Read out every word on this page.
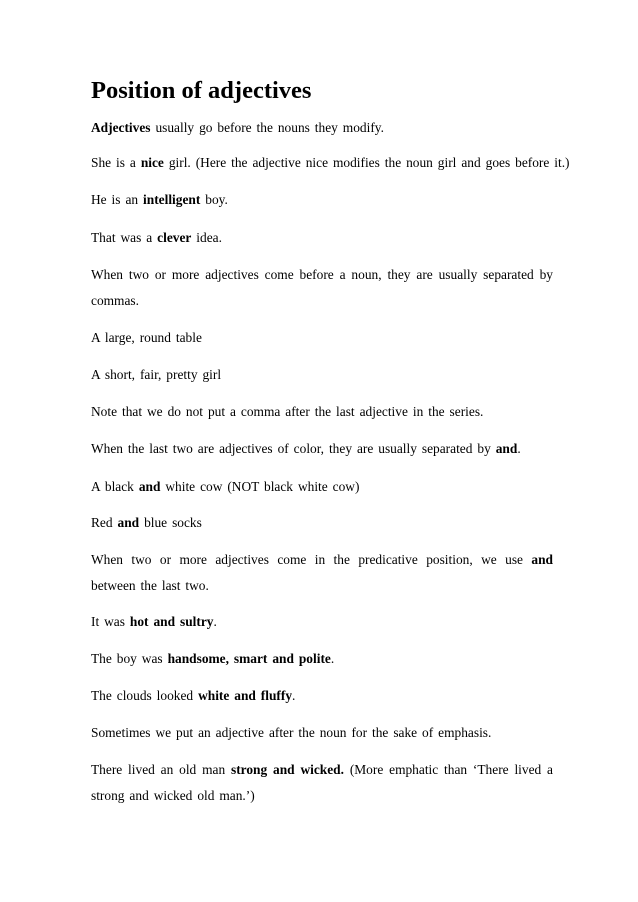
Position of adjectives

Adjectives usually go before the nouns they modify.

She is a nice girl. (Here the adjective nice modifies the noun girl and goes before it.)

He is an intelligent boy.

That was a clever idea.

When two or more adjectives come before a noun, they are usually separated by commas.

A large, round table

A short, fair, pretty girl

Note that we do not put a comma after the last adjective in the series.

When the last two are adjectives of color, they are usually separated by and.

A black and white cow (NOT black white cow)

Red and blue socks

When two or more adjectives come in the predicative position, we use and between the last two.

It was hot and sultry.

The boy was handsome, smart and polite.

The clouds looked white and fluffy.

Sometimes we put an adjective after the noun for the sake of emphasis.

There lived an old man strong and wicked. (More emphatic than ‘There lived a strong and wicked old man.’)
